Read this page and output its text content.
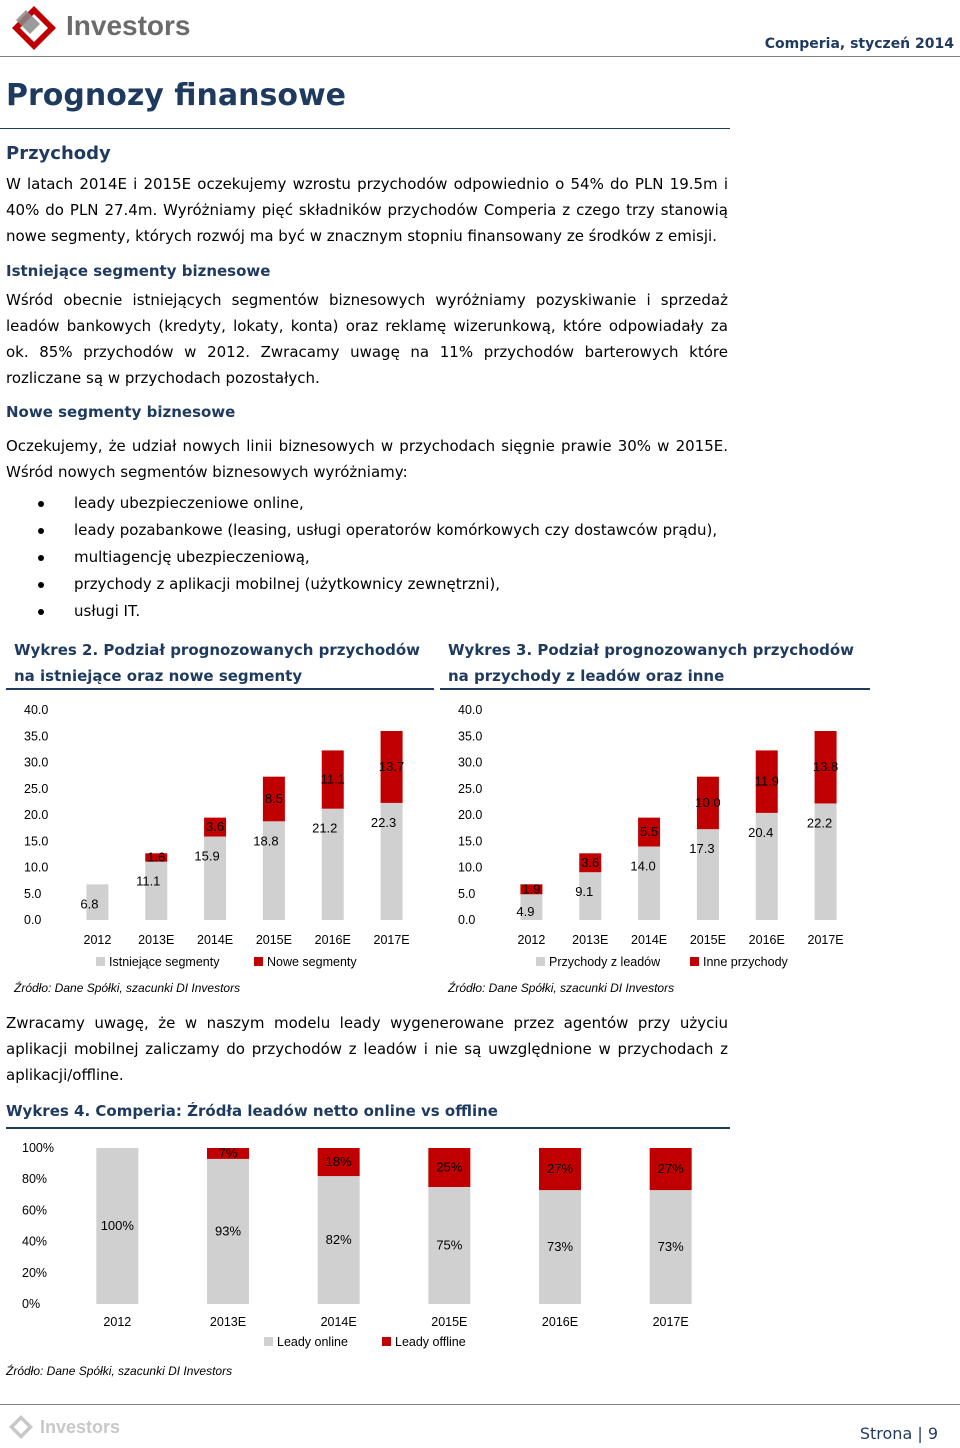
Investors
Comperia, styczeń 2014
Prognozy finansowe
Przychody
W latach 2014E i 2015E oczekujemy wzrostu przychodów odpowiednio o 54% do PLN 19.5m i 40% do PLN 27.4m. Wyróżniamy pięć składników przychodów Comperia z czego trzy stanowią nowe segmenty, których rozwój ma być w znacznym stopniu finansowany ze środków z emisji.
Istniejące segmenty biznesowe
Wśród obecnie istniejących segmentów biznesowych wyróżniamy pozyskiwanie i sprzedaż leadów bankowych (kredyty, lokaty, konta) oraz reklamę wizerunkową, które odpowiadały za ok. 85% przychodów w 2012. Zwracamy uwagę na 11% przychodów barterowych które rozliczane są w przychodach pozostałych.
Nowe segmenty biznesowe
Oczekujemy, że udział nowych linii biznesowych w przychodach sięgnie prawie 30% w 2015E. Wśród nowych segmentów biznesowych wyróżniamy:
leady ubezpieczeniowe online,
leady pozabankowe (leasing, usługi operatorów komórkowych czy dostawców prądu),
multiagencję ubezpieczeniową,
przychody z aplikacji mobilnej (użytkownicy zewnętrzni),
usługi IT.
Wykres 2. Podział prognozowanych przychodów na istniejące oraz nowe segmenty
40.0
35.0
30.0
25.0
20.0
15.0
10.0
5.0
0.0
6.8
2012
1.6
11.1
2013E
3.6
15.9
2014E
8.5
18.8
2015E
11.1
21.2
2016E
13.7
22.3
2017E
Istniejące segmenty	Nowe segmenty
Źródło: Dane Spółki, szacunki DI Investors
Wykres 3. Podział prognozowanych przychodów na przychody z leadów oraz inne
40.0
35.0
30.0
25.0
20.0
15.0
10.0
5.0
0.0
1.9
4.9
2012
3.6
9.1
2013E
5.5
14.0
2014E
10.0
17.3
2015E
11.9
20.4
2016E
13.8
22.2
2017E
Przychody z leadów	Inne przychody
Źródło: Dane Spółki, szacunki DI Investors
Zwracamy uwagę, że w naszym modelu leady wygenerowane przez agentów przy użyciu aplikacji mobilnej zaliczamy do przychodów z leadów i nie są uwzględnione w przychodach z aplikacji/offline.
Wykres 4. Comperia: Źródła leadów netto online vs offline
100%
80%
60%
40%
20%
0%
100%
2012
7%
93%
2013E
18%
82%
2014E
25%
75%
2015E
27%
73%
2016E
27%
73%
2017E
Leady online	Leady offline
Źródło: Dane Spółki, szacunki DI Investors
Investors	Strona | 9
